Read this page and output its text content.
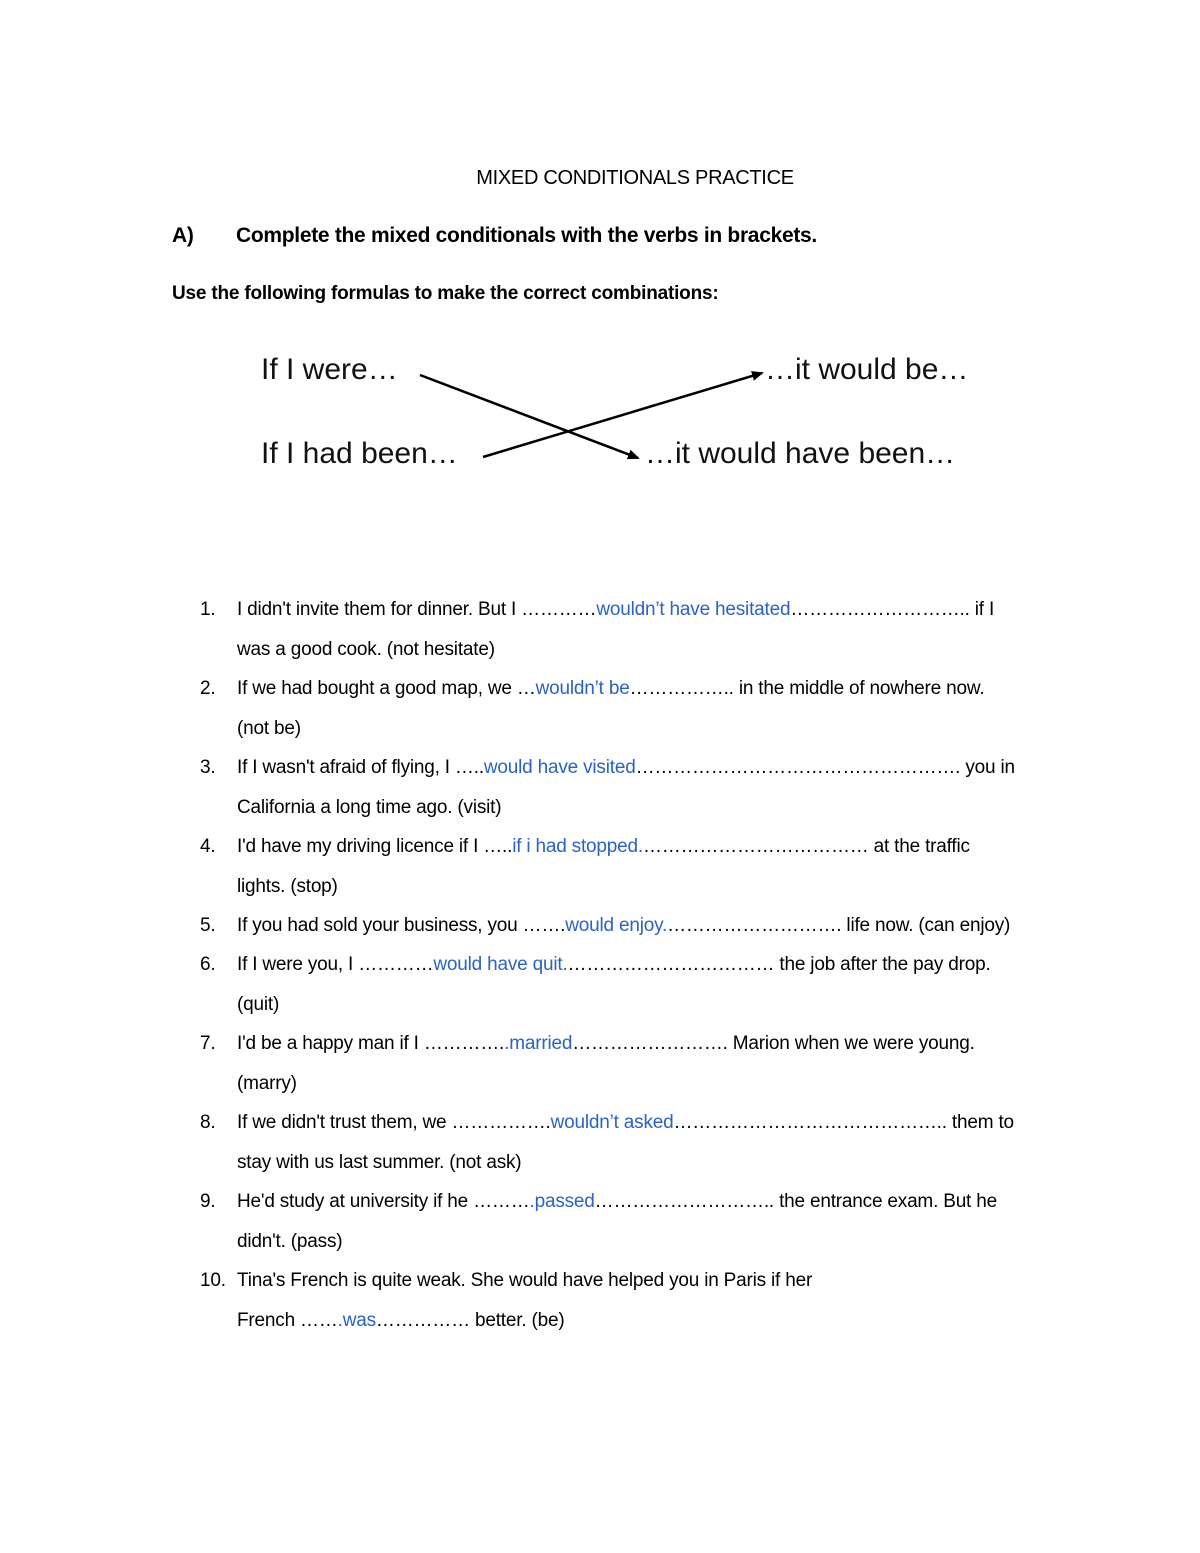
MIXED CONDITIONALS PRACTICE
A) Complete the mixed conditionals with the verbs in brackets.
Use the following formulas to make the correct combinations:
If I were…
If I had been…
…it would be…
…it would have been…
1.	I didn't invite them for dinner. But I …………wouldn’t have hesitated……………………….. if I
was a good cook. (not hesitate)
2.	If we had bought a good map, we …wouldn’t be…………….. in the middle of nowhere now.
(not be)
3.	If I wasn't afraid of flying, I …..would have visited……………………………………………. you in
California a long time ago. (visit)
4.	I'd have my driving licence if I …..if i had stopped.……………………………… at the traffic
lights. (stop)
5.	If you had sold your business, you …….would enjoy.………………………. life now. (can enjoy)
6.	If I were you, I …………would have quit.…………………………… the job after the pay drop.
(quit)
7.	I'd be a happy man if I …………..married……………………. Marion when we were young.
(marry)
8.	If we didn't trust them, we …………….wouldn’t asked…………………………………….. them to
stay with us last summer. (not ask)
9.	He'd study at university if he ……….passed……………………….. the entrance exam. But he
didn't. (pass)
10. Tina's French is quite weak. She would have helped you in Paris if her
French …….was…………… better. (be)
